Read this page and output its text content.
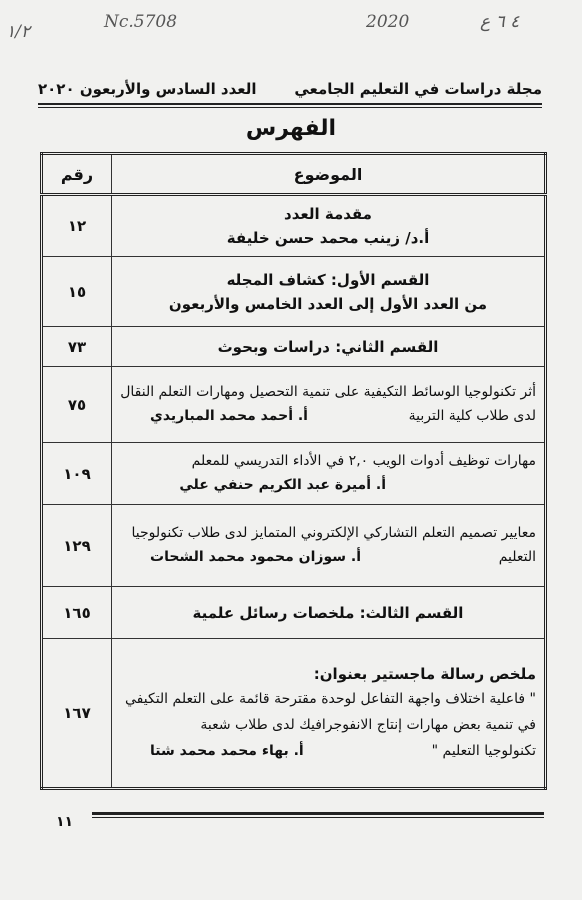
١/٢	Nc.5708	2020	٤ ٦ ع
مجلة دراسات في التعليم الجامعي
العدد السادس والأربعون ٢٠٢٠
الفهرس
الموضوع	رقم

مقدمة العدد
أ.د/ زينب محمد حسن خليفة	١٢

القسم الأول: كشاف المجله
من العدد الأول إلى العدد الخامس والأربعون	١٥

القسم الثاني: دراسات وبحوث	٧٣

أثر تكنولوجيا الوسائط التكيفية على تنمية التحصيل ومهارات التعلم النقال
لدى طلاب كلية التربية
أ. أحمد محمد المباريدي	٧٥

مهارات توظيف أدوات الويب ٢,٠ في الأداء التدريسي للمعلم
أ. أميرة عبد الكريم حنفي علي	١٠٩

معايير تصميم التعلم التشاركي الإلكتروني المتمايز لدى طلاب تكنولوجيا
التعليم
أ. سوزان محمود محمد الشحات	١٢٩

القسم الثالث: ملخصات رسائل علمية	١٦٥

ملخص رسالة ماجستير بعنوان:
" فاعلية اختلاف واجهة التفاعل لوحدة مقترحة قائمة على التعلم التكيفي
في تنمية بعض مهارات إنتاج الانفوجرافيك لدى طلاب شعبة
تكنولوجيا التعليم "
أ. بهاء محمد محمد شتا	١٦٧
١١
